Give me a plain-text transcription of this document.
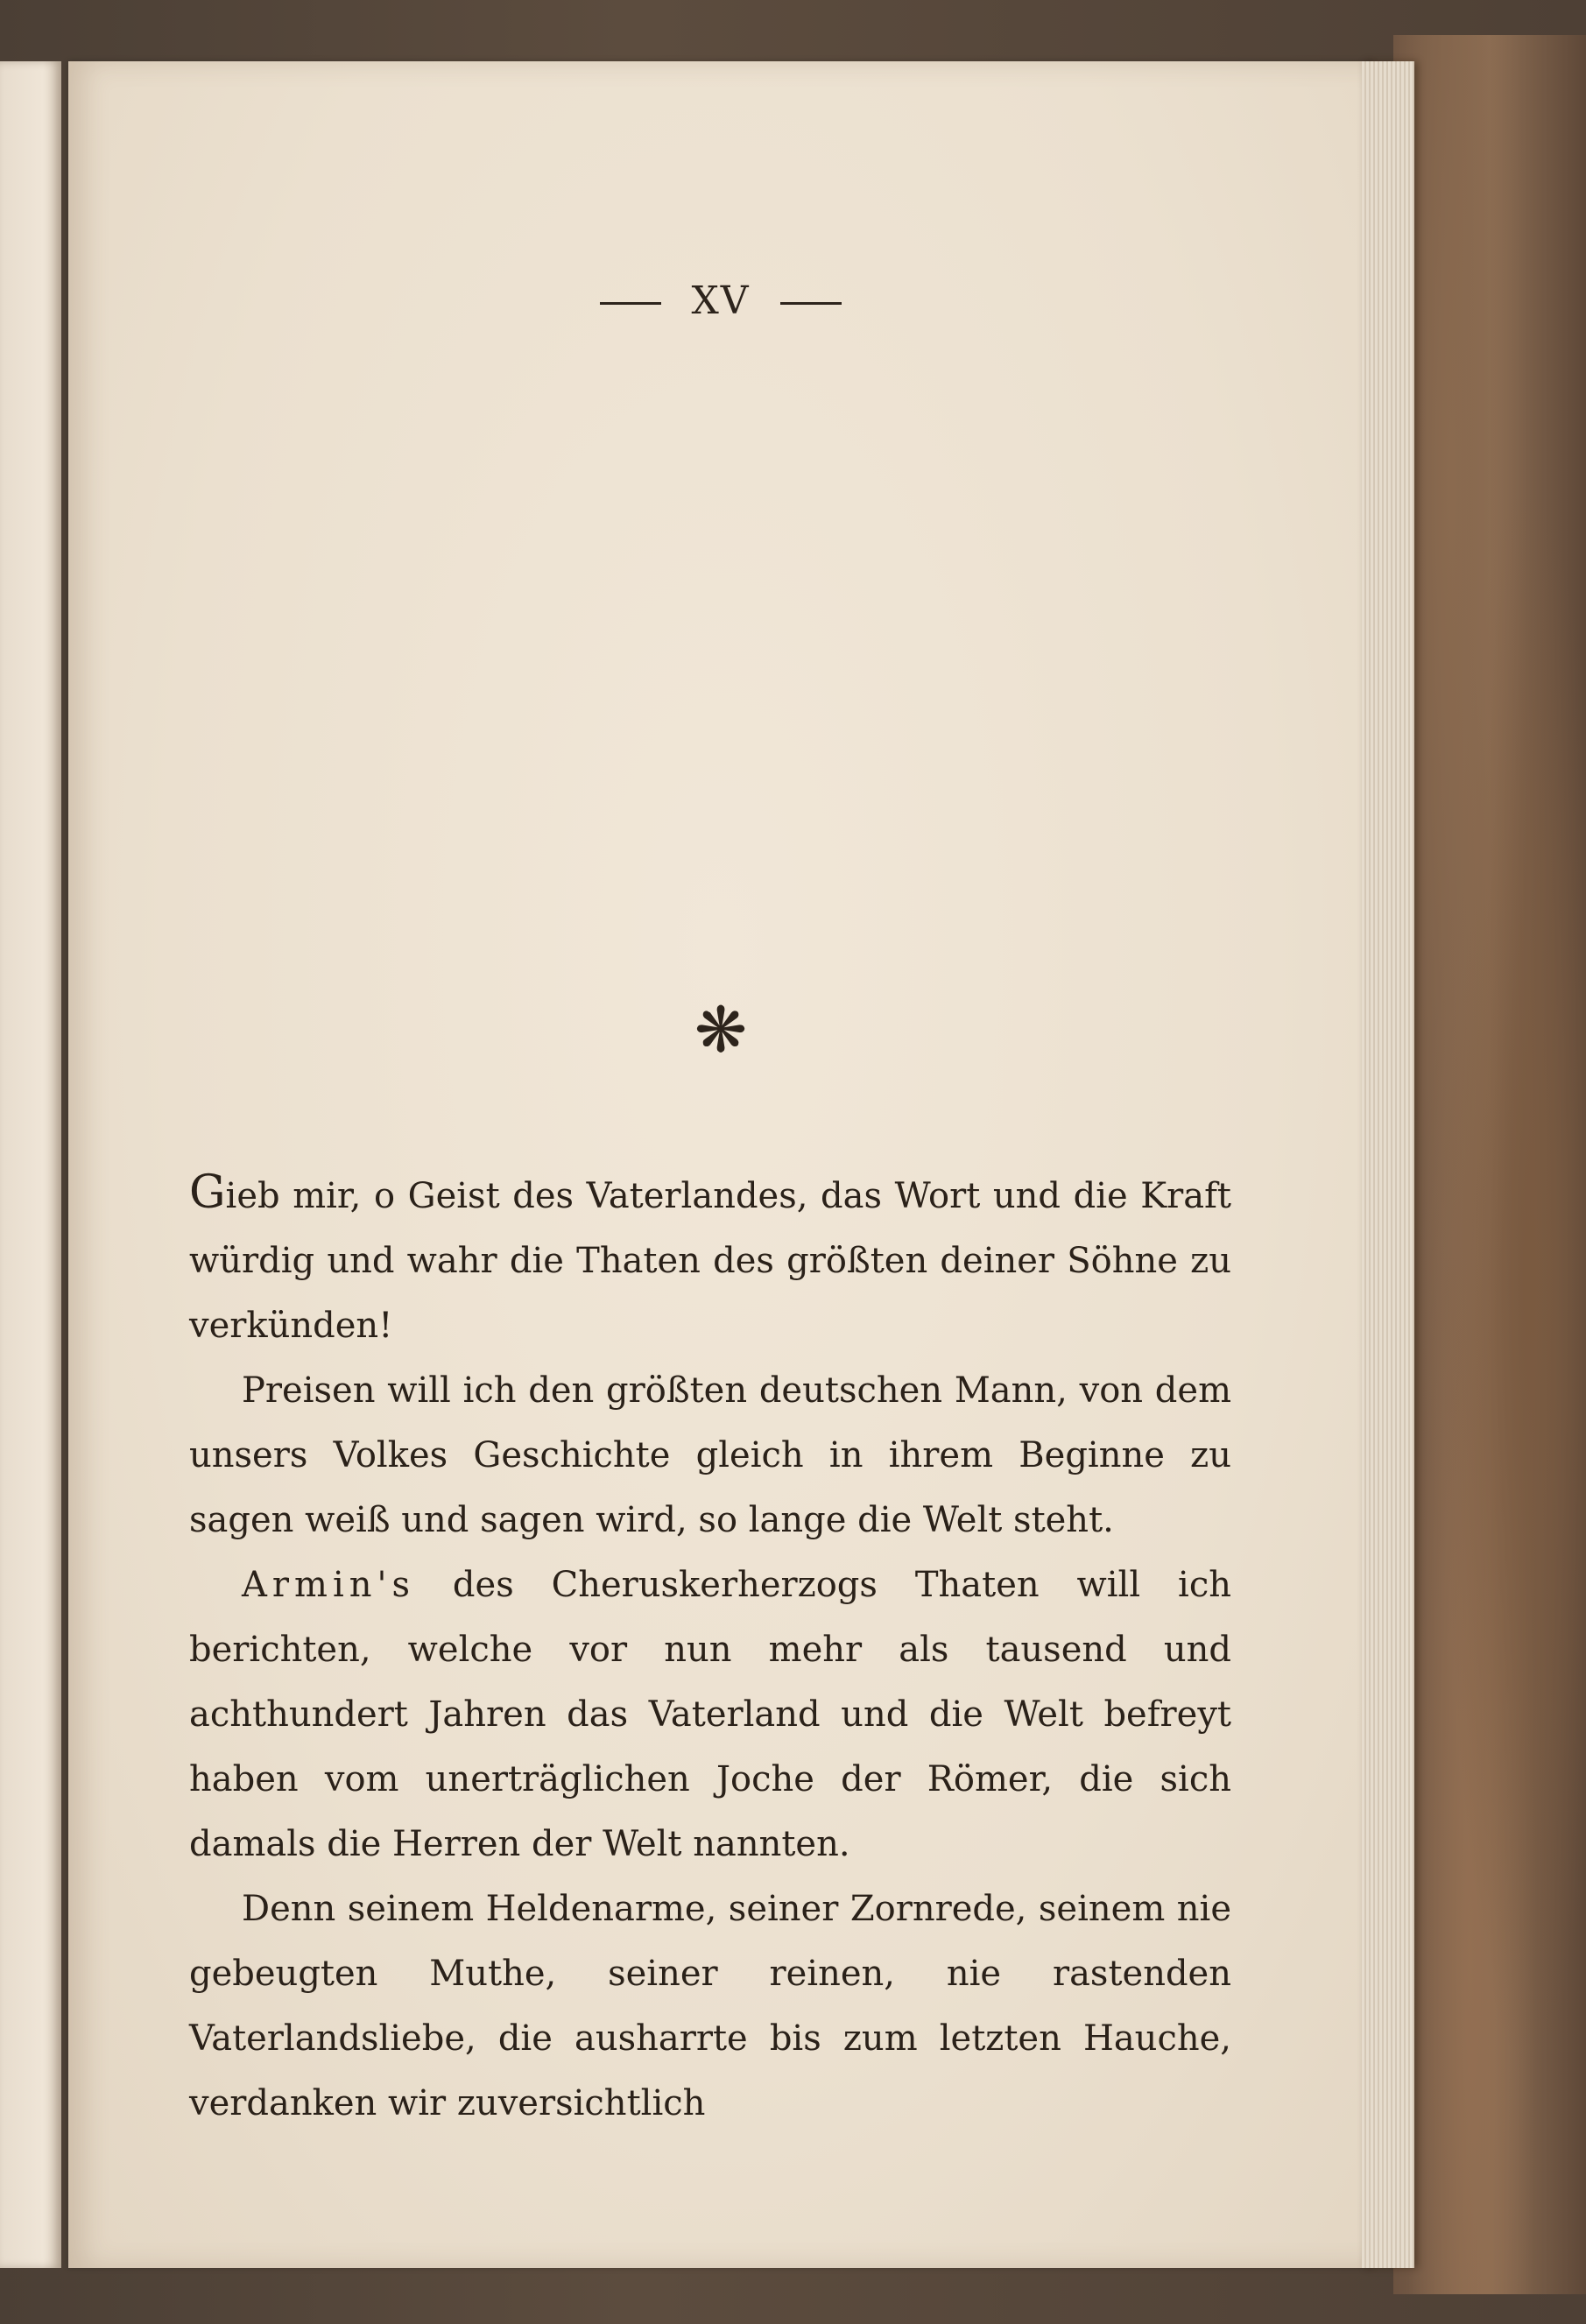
XV
❋

Gieb mir, o Geist des Vaterlandes, das Wort und die Kraft würdig und wahr die Thaten des größten deiner Söhne zu verkünden!

Preisen will ich den größten deutschen Mann, von dem unsers Volkes Geschichte gleich in ihrem Beginne zu sagen weiß und sagen wird, so lange die Welt steht.

Armin's des Cheruskerherzogs Thaten will ich berichten, welche vor nun mehr als tausend und achthundert Jahren das Vaterland und die Welt befreyt haben vom unerträglichen Joche der Römer, die sich damals die Herren der Welt nannten.

Denn seinem Heldenarme, seiner Zornrede, seinem nie gebeugten Muthe, seiner reinen, nie rastenden Vaterlandsliebe, die ausharrte bis zum letzten Hauche, verdanken wir zuversichtlich
